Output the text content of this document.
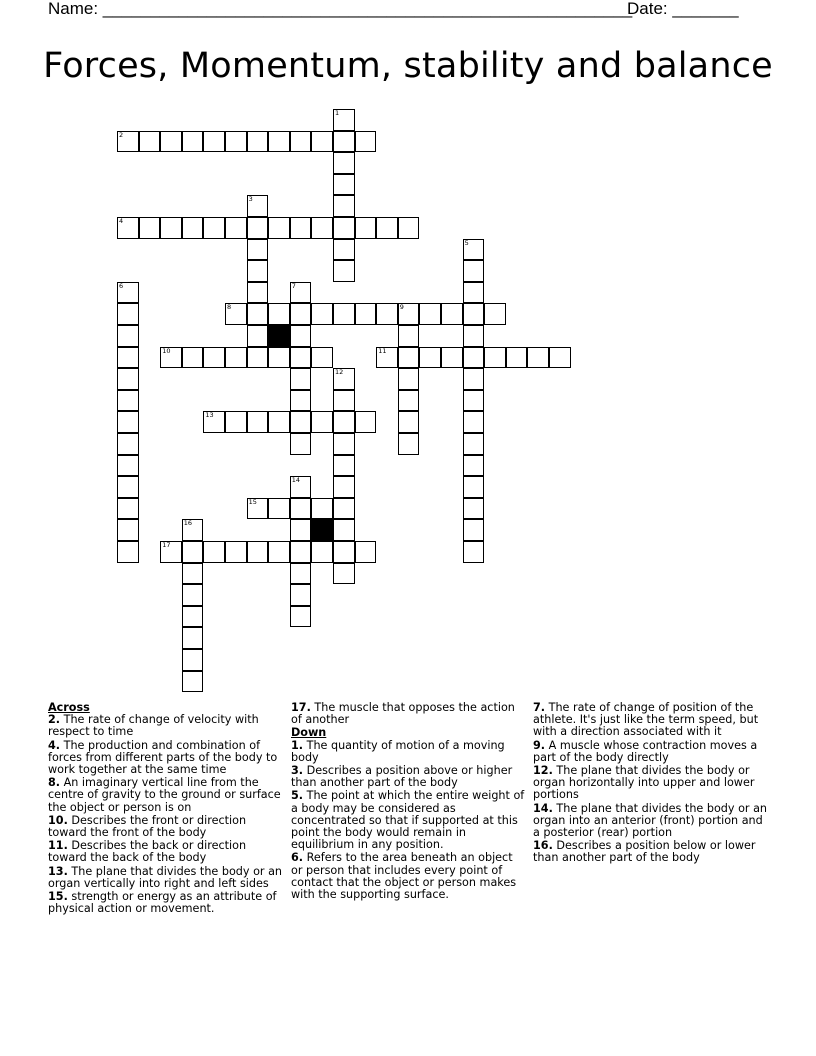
Name: ________________________________________________________
Date: _______
Forces, Momentum, stability and balance
2
4
8
10	11
13
15
17
1
3
5
6	7
9
12
14
16
Across
2. The rate of change of velocity with respect to time
4. The production and combination of forces from different parts of the body to work together at the same time
8. An imaginary vertical line from the centre of gravity to the ground or surface the object or person is on
10. Describes the front or direction toward the front of the body
11. Describes the back or direction toward the back of the body
13. The plane that divides the body or an organ vertically into right and left sides
15. strength or energy as an attribute of physical action or movement.
17. The muscle that opposes the action of another
Down
1. The quantity of motion of a moving body
3. Describes a position above or higher than another part of the body
5. The point at which the entire weight of a body may be considered as concentrated so that if supported at this point the body would remain in equilibrium in any position.
6. Refers to the area beneath an object or person that includes every point of contact that the object or person makes with the supporting surface.
7. The rate of change of position of the athlete. It's just like the term speed, but with a direction associated with it
9. A muscle whose contraction moves a part of the body directly
12. The plane that divides the body or organ horizontally into upper and lower portions
14. The plane that divides the body or an organ into an anterior (front) portion and a posterior (rear) portion
16. Describes a position below or lower than another part of the body
